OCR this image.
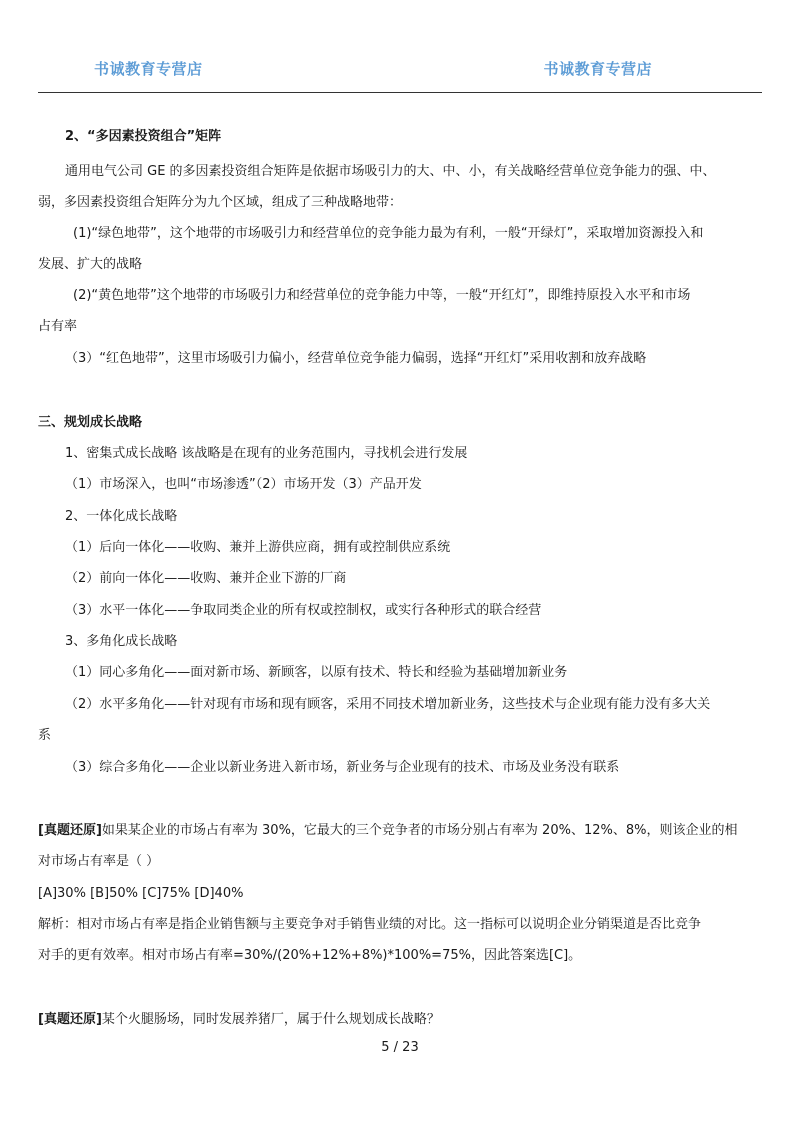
书诚教育专营店	书诚教育专营店
2、“多因素投资组合”矩阵
通用电气公司 GE 的多因素投资组合矩阵是依据市场吸引力的大、中、小，有关战略经营单位竞争能力的强、中、
弱，多因素投资组合矩阵分为九个区域，组成了三种战略地带：
(1)“绿色地带”，这个地带的市场吸引力和经营单位的竞争能力最为有利，一般“开绿灯”，采取增加资源投入和
发展、扩大的战略
(2)“黄色地带”这个地带的市场吸引力和经营单位的竞争能力中等，一般“开红灯”，即维持原投入水平和市场
占有率
（3）“红色地带”，这里市场吸引力偏小，经营单位竞争能力偏弱，选择“开红灯”采用收割和放弃战略
三、规划成长战略
1、密集式成长战略 该战略是在现有的业务范围内，寻找机会进行发展
（1）市场深入，也叫“市场渗透”（2）市场开发（3）产品开发
2、一体化成长战略
（1）后向一体化——收购、兼并上游供应商，拥有或控制供应系统
（2）前向一体化——收购、兼并企业下游的厂商
（3）水平一体化——争取同类企业的所有权或控制权，或实行各种形式的联合经营
3、多角化成长战略
（1）同心多角化——面对新市场、新顾客，以原有技术、特长和经验为基础增加新业务
（2）水平多角化——针对现有市场和现有顾客，采用不同技术增加新业务，这些技术与企业现有能力没有多大关
系
（3）综合多角化——企业以新业务进入新市场，新业务与企业现有的技术、市场及业务没有联系
[真题还原]如果某企业的市场占有率为 30%，它最大的三个竞争者的市场分别占有率为 20%、12%、8%，则该企业的相
对市场占有率是（ ）
[A]30% [B]50% [C]75% [D]40%
解析：相对市场占有率是指企业销售额与主要竞争对手销售业绩的对比。这一指标可以说明企业分销渠道是否比竞争
对手的更有效率。相对市场占有率=30%/(20%+12%+8%)*100%=75%，因此答案选[C]。
[真题还原]某个火腿肠场，同时发展养猪厂，属于什么规划成长战略？
5 / 23
